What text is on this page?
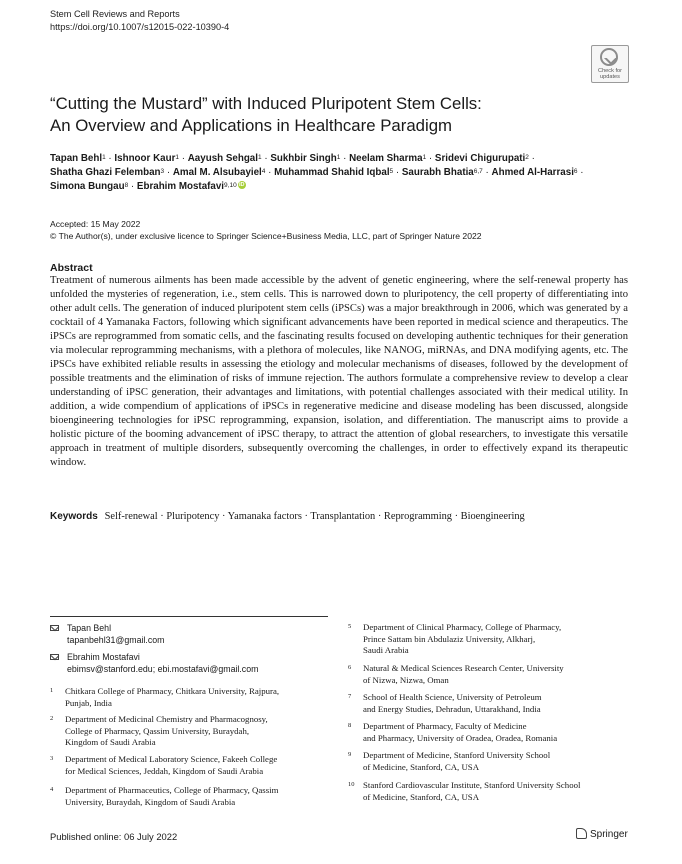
Stem Cell Reviews and Reports
https://doi.org/10.1007/s12015-022-10390-4
Check for
updates
“Cutting the Mustard” with Induced Pluripotent Stem Cells:
An Overview and Applications in Healthcare Paradigm
Tapan Behl$^1$ · Ishnoor Kaur$^1$ · Aayush Sehgal$^1$ · Sukhbir Singh$^1$ · Neelam Sharma$^1$ · Sridevi Chigurupati$^2$ ·
Shatha Ghazi Felemban$^3$ · Amal M. Alsubayiel$^4$ · Muhammad Shahid Iqbal$^5$ · Saurabh Bhatia$^{6,7}$ · Ahmed Al‑Harrasi$^6$ ·
Simona Bungau$^8$ · Ebrahim Mostafavi$^{9,10}$ iD
Accepted: 15 May 2022
© The Author(s), under exclusive licence to Springer Science+Business Media, LLC, part of Springer Nature 2022
Abstract

Treatment of numerous ailments has been made accessible by the advent of genetic engineering, where the self-renewal property has unfolded the mysteries of regeneration, i.e., stem cells. This is narrowed down to pluripotency, the cell property of differentiating into other adult cells. The generation of induced pluripotent stem cells (iPSCs) was a major breakthrough in 2006, which was generated by a cocktail of 4 Yamanaka Factors, following which significant advancements have been reported in medical science and therapeutics. The iPSCs are reprogrammed from somatic cells, and the fascinating results focused on developing authentic techniques for their generation via molecular reprogramming mechanisms, with a plethora of molecules, like NANOG, miRNAs, and DNA modifying agents, etc. The iPSCs have exhibited reliable results in assessing the etiology and molecular mechanisms of diseases, followed by the development of possible treatments and the elimination of risks of immune rejection. The authors formulate a comprehensive review to develop a clear understanding of iPSC generation, their advantages and limitations, with potential challenges associated with their medical utility. In addition, a wide compendium of applications of iPSCs in regenerative medicine and disease modeling has been discussed, alongside bioengineering technologies for iPSC reprogramming, expansion, isolation, and differentiation. The manuscript aims to provide a holistic picture of the booming advancement of iPSC therapy, to attract the attention of global researchers, to investigate this versatile approach in treatment of multiple disorders, subsequently overcoming the challenges, in order to effectively expand its therapeutic window.

Keywords Self-renewal · Pluripotency · Yamanaka factors · Transplantation · Reprogramming · Bioengineering
Tapan Behl
tapanbehl31@gmail.com
Ebrahim Mostafavi
ebimsv@stanford.edu; ebi.mostafavi@gmail.com
1 Chitkara College of Pharmacy, Chitkara University, Rajpura,
Punjab, India
2 Department of Medicinal Chemistry and Pharmacognosy,
College of Pharmacy, Qassim University, Buraydah,
Kingdom of Saudi Arabia
3 Department of Medical Laboratory Science, Fakeeh College
for Medical Sciences, Jeddah, Kingdom of Saudi Arabia
4 Department of Pharmaceutics, College of Pharmacy, Qassim
University, Buraydah, Kingdom of Saudi Arabia
5 Department of Clinical Pharmacy, College of Pharmacy,
Prince Sattam bin Abdulaziz University, Alkharj,
Saudi Arabia
6 Natural & Medical Sciences Research Center, University
of Nizwa, Nizwa, Oman
7 School of Health Science, University of Petroleum
and Energy Studies, Dehradun, Uttarakhand, India
8 Department of Pharmacy, Faculty of Medicine
and Pharmacy, University of Oradea, Oradea, Romania
9 Department of Medicine, Stanford University School
of Medicine, Stanford, CA, USA
10 Stanford Cardiovascular Institute, Stanford University School
of Medicine, Stanford, CA, USA
Published online: 06 July 2022	Springer
